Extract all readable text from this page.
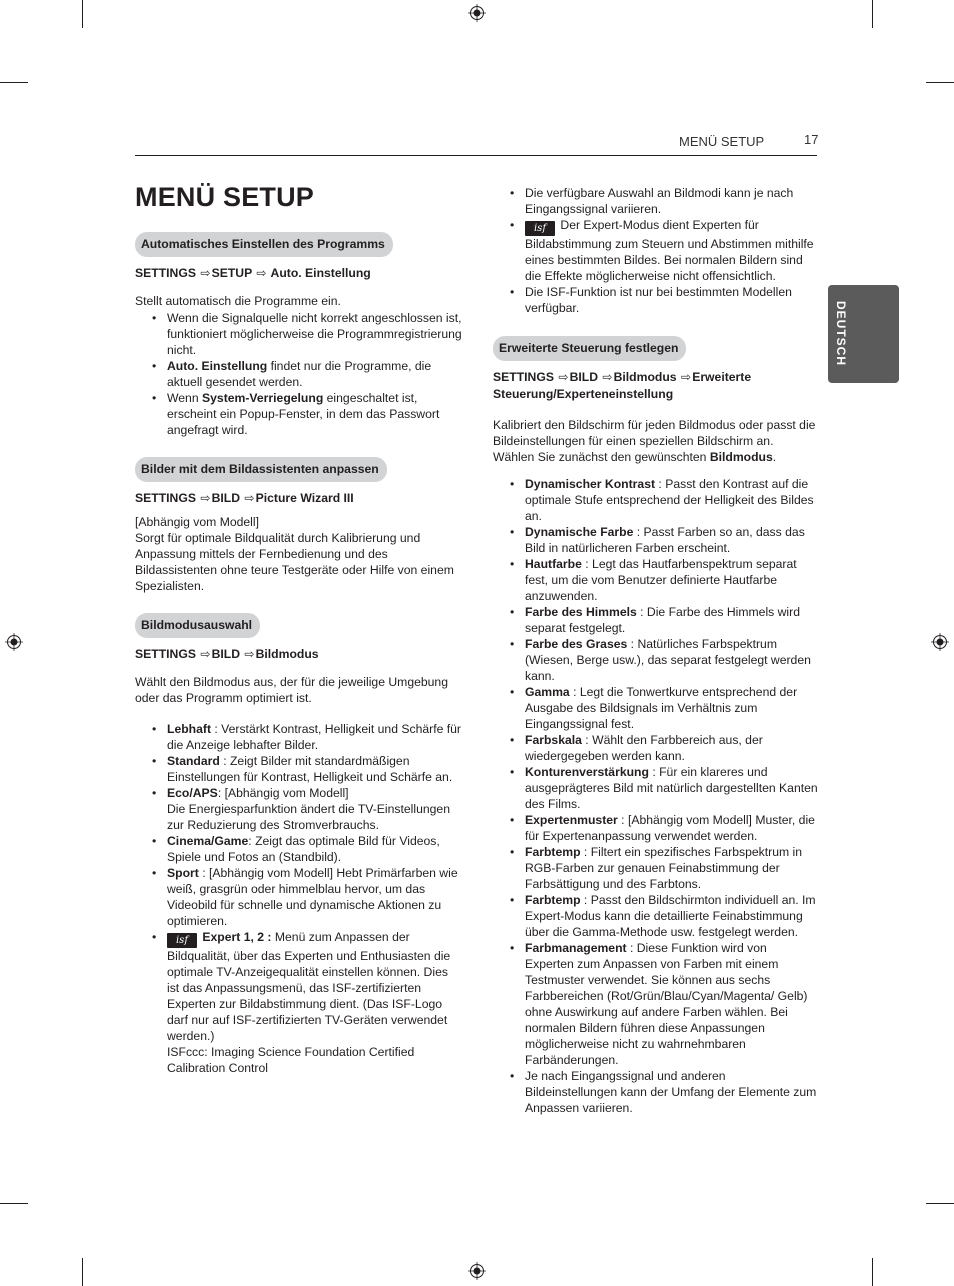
MENÜ SETUP	17
MENÜ SETUP
DEUTSCH
Automatisches Einstellen des Programms
SETTINGS ⇨SETUP ⇨ Auto. Einstellung

Stellt automatisch die Programme ein.

• Wenn die Signalquelle nicht korrekt angeschlossen ist, funktioniert möglicherweise die Programmregistrierung nicht.
• Auto. Einstellung findet nur die Programme, die aktuell gesendet werden.
• Wenn System-Verriegelung eingeschaltet ist, erscheint ein Popup-Fenster, in dem das Passwort angefragt wird.
Bilder mit dem Bildassistenten anpassen
SETTINGS ⇨BILD ⇨Picture Wizard III

[Abhängig vom Modell]

Sorgt für optimale Bildqualität durch Kalibrierung und Anpassung mittels der Fernbedienung und des Bildassistenten ohne teure Testgeräte oder Hilfe von einem Spezialisten.

Bildmodusauswahl
SETTINGS ⇨BILD ⇨Bildmodus

Wählt den Bildmodus aus, der für die jeweilige Umgebung oder das Programm optimiert ist.

• Lebhaft : Verstärkt Kontrast, Helligkeit und Schärfe für die Anzeige lebhafter Bilder.
• Standard : Zeigt Bilder mit standardmäßigen Einstellungen für Kontrast, Helligkeit und Schärfe an.
• Eco/APS: [Abhängig vom Modell]
Die Energiesparfunktion ändert die TV-Einstellungen zur Reduzierung des Stromverbrauchs.
• Cinema/Game: Zeigt das optimale Bild für Videos, Spiele und Fotos an (Standbild).
• Sport : [Abhängig vom Modell] Hebt Primärfarben wie weiß, grasgrün oder himmelblau hervor, um das Videobild für schnelle und dynamische Aktionen zu optimieren.
• isf Expert 1, 2 : Menü zum Anpassen der Bildqualität, über das Experten und Enthusiasten die optimale TV-Anzeigequalität einstellen können. Dies ist das Anpassungsmenü, das ISF-zertifizierten Experten zur Bildabstimmung dient. (Das ISF-Logo darf nur auf ISF-zertifizierten TV-Geräten verwendet werden.)
ISFccc: Imaging Science Foundation Certified Calibration Control
• Die verfügbare Auswahl an Bildmodi kann je nach Eingangssignal variieren.
• isf Der Expert-Modus dient Experten für Bildabstimmung zum Steuern und Abstimmen mithilfe eines bestimmten Bildes. Bei normalen Bildern sind die Effekte möglicherweise nicht offensichtlich.
• Die ISF-Funktion ist nur bei bestimmten Modellen verfügbar.
Erweiterte Steuerung festlegen
SETTINGS ⇨BILD ⇨Bildmodus ⇨Erweiterte Steuerung/Experteneinstellung

Kalibriert den Bildschirm für jeden Bildmodus oder passt die Bildeinstellungen für einen speziellen Bildschirm an. Wählen Sie zunächst den gewünschten Bildmodus.

• Dynamischer Kontrast : Passt den Kontrast auf die optimale Stufe entsprechend der Helligkeit des Bildes an.
• Dynamische Farbe : Passt Farben so an, dass das Bild in natürlicheren Farben erscheint.
• Hautfarbe : Legt das Hautfarbenspektrum separat fest, um die vom Benutzer definierte Hautfarbe anzuwenden.
• Farbe des Himmels : Die Farbe des Himmels wird separat festgelegt.
• Farbe des Grases : Natürliches Farbspektrum (Wiesen, Berge usw.), das separat festgelegt werden kann.
• Gamma : Legt die Tonwertkurve entsprechend der Ausgabe des Bildsignals im Verhältnis zum Eingangssignal fest.
• Farbskala : Wählt den Farbbereich aus, der wiedergegeben werden kann.
• Konturenverstärkung : Für ein klareres und ausgeprägteres Bild mit natürlich dargestellten Kanten des Films.
• Expertenmuster : [Abhängig vom Modell] Muster, die für Expertenanpassung verwendet werden.
• Farbtemp : Filtert ein spezifisches Farbspektrum in RGB-Farben zur genauen Feinabstimmung der Farbsättigung und des Farbtons.
• Farbtemp : Passt den Bildschirmton individuell an. Im Expert-Modus kann die detaillierte Feinabstimmung über die Gamma-Methode usw. festgelegt werden.
• Farbmanagement : Diese Funktion wird von Experten zum Anpassen von Farben mit einem Testmuster verwendet. Sie können aus sechs Farbbereichen (Rot/Grün/Blau/Cyan/Magenta/ Gelb) ohne Auswirkung auf andere Farben wählen. Bei normalen Bildern führen diese Anpassungen möglicherweise nicht zu wahrnehmbaren Farbänderungen.
• Je nach Eingangssignal und anderen Bildeinstellungen kann der Umfang der Elemente zum Anpassen variieren.
